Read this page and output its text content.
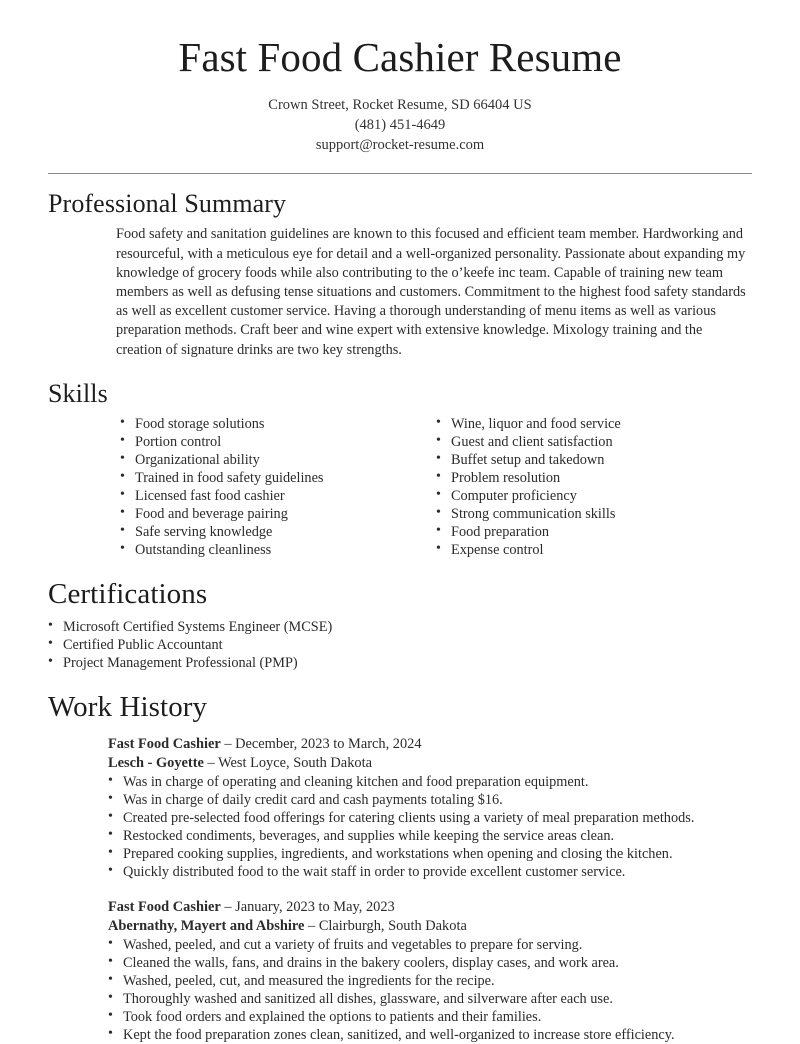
Fast Food Cashier Resume
Crown Street, Rocket Resume, SD 66404 US
(481) 451-4649
support@rocket-resume.com
Professional Summary

Food safety and sanitation guidelines are known to this focused and efficient team member. Hardworking and resourceful, with a meticulous eye for detail and a well-organized personality. Passionate about expanding my knowledge of grocery foods while also contributing to the o’keefe inc team. Capable of training new team members as well as defusing tense situations and customers. Commitment to the highest food safety standards as well as excellent customer service. Having a thorough understanding of menu items as well as various preparation methods. Craft beer and wine expert with extensive knowledge. Mixology training and the creation of signature drinks are two key strengths.

Skills
• Food storage solutions
• Portion control
• Organizational ability
• Trained in food safety guidelines
• Licensed fast food cashier
• Food and beverage pairing
• Safe serving knowledge
• Outstanding cleanliness
• Wine, liquor and food service
• Guest and client satisfaction
• Buffet setup and takedown
• Problem resolution
• Computer proficiency
• Strong communication skills
• Food preparation
• Expense control
Certifications
• Microsoft Certified Systems Engineer (MCSE)
• Certified Public Accountant
• Project Management Professional (PMP)
Work History
Fast Food Cashier – December, 2023 to March, 2024
Lesch - Goyette – West Loyce, South Dakota
• Was in charge of operating and cleaning kitchen and food preparation equipment.
• Was in charge of daily credit card and cash payments totaling $16.
• Created pre-selected food offerings for catering clients using a variety of meal preparation methods.
• Restocked condiments, beverages, and supplies while keeping the service areas clean.
• Prepared cooking supplies, ingredients, and workstations when opening and closing the kitchen.
• Quickly distributed food to the wait staff in order to provide excellent customer service.
Fast Food Cashier – January, 2023 to May, 2023
Abernathy, Mayert and Abshire – Clairburgh, South Dakota
• Washed, peeled, and cut a variety of fruits and vegetables to prepare for serving.
• Cleaned the walls, fans, and drains in the bakery coolers, display cases, and work area.
• Washed, peeled, cut, and measured the ingredients for the recipe.
• Thoroughly washed and sanitized all dishes, glassware, and silverware after each use.
• Took food orders and explained the options to patients and their families.
• Kept the food preparation zones clean, sanitized, and well-organized to increase store efficiency.
